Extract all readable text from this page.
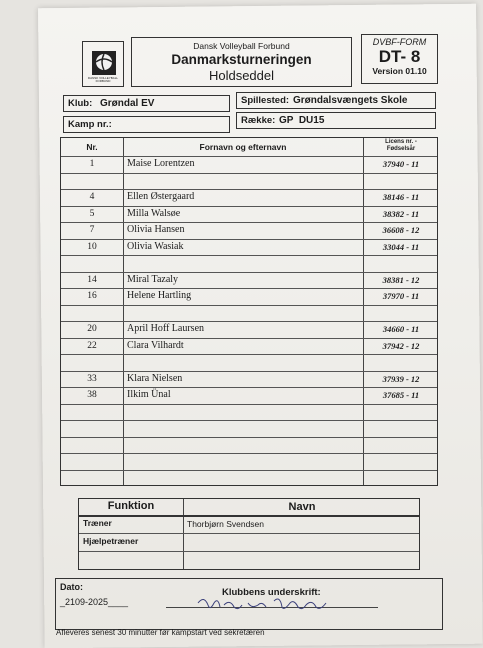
DANSK VOLLEYBALL FORBUND
Dansk Volleyball Forbund
Danmarksturneringen
Holdseddel
DVBF-FORM
DT- 8
Version 01.10
Klub: Grøndal EV	Spillested: Grøndalsvængets Skole
Kamp nr.:	Række: GP  DU15
Nr.	Fornavn og efternavn	Licens nr. -
Fødselsår
1	Maise Lorentzen	37940 - 11
4	Ellen Østergaard	38146 - 11
5	Milla Walsøe	38382 - 11
7	Olivia Hansen	36608 - 12
10	Olivia Wasiak	33044 - 11
14	Miral Tazaly	38381 - 12
16	Helene Hartling	37970 - 11
20	April Hoff Laursen	34660 - 11
22	Clara Vilhardt	37942 - 12
33	Klara Nielsen	37939 - 12
38	Ilkim Ünal	37685 - 11
Funktion	Navn
Træner	Thorbjørn Svendsen
Hjælpetræner
Dato:
_2109-2025____
Klubbens underskrift:
Afleveres senest 30 minutter før kampstart ved sekretæren
